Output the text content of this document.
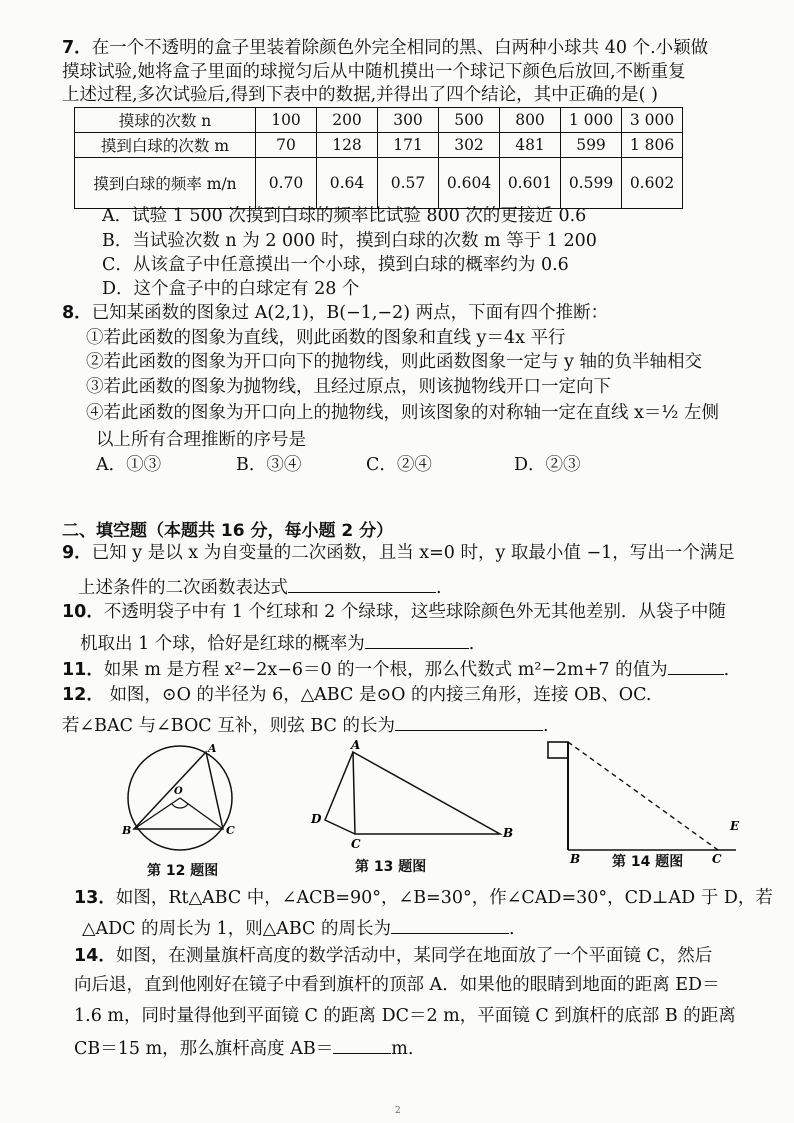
7．在一个不透明的盒子里装着除颜色外完全相同的黑、白两种小球共 40 个.小颖做
摸球试验,她将盒子里面的球搅匀后从中随机摸出一个球记下颜色后放回,不断重复
上述过程,多次试验后,得到下表中的数据,并得出了四个结论，其中正确的是( )
摸球的次数 n	100	200	300	500	800	1 000	3 000
摸到白球的次数 m	70	128	171	302	481	599	1 806
摸到白球的频率 m/n	0.70	0.64	0.57	0.604	0.601	0.599	0.602
A．试验 1 500 次摸到白球的频率比试验 800 次的更接近 0.6
B．当试验次数 n 为 2 000 时，摸到白球的次数 m 等于 1 200
C．从该盒子中任意摸出一个小球，摸到白球的概率约为 0.6
D．这个盒子中的白球定有 28 个
8．已知某函数的图象过 A(2,1)，B(−1,−2) 两点，下面有四个推断：
①若此函数的图象为直线，则此函数的图象和直线 y＝4x 平行
②若此函数的图象为开口向下的抛物线，则此函数图象一定与 y 轴的负半轴相交
③若此函数的图象为抛物线，且经过原点，则该抛物线开口一定向下
④若此函数的图象为开口向上的抛物线，则该图象的对称轴一定在直线 x＝½ 左侧
以上所有合理推断的序号是
A．①③	B．③④	C．②④	D．②③
二、填空题（本题共 16 分，每小题 2 分）
9．已知 y 是以 x 为自变量的二次函数，且当 x=0 时，y 取最小值 −1，写出一个满足
上述条件的二次函数表达式	.
10．不透明袋子中有 1 个红球和 2 个绿球，这些球除颜色外无其他差别．从袋子中随
机取出 1 个球，恰好是红球的概率为	.
11．如果 m 是方程 x²−2x−6＝0 的一个根，那么代数式 m²−2m+7 的值为	.
12． 如图，⊙O 的半径为 6，△ABC 是⊙O 的内接三角形，连接 OB、OC.
若∠BAC 与∠BOC 互补，则弦 BC 的长为	.
A
O
B	C
第 12 题图
A
D
C
B
第 13 题图	B	C
E
第 14 题图
13．如图，Rt△ABC 中，∠ACB=90°，∠B=30°，作∠CAD=30°，CD⊥AD 于 D，若
△ADC 的周长为 1，则△ABC 的周长为	.
14．如图，在测量旗杆高度的数学活动中，某同学在地面放了一个平面镜 C，然后
向后退，直到他刚好在镜子中看到旗杆的顶部 A．如果他的眼睛到地面的距离 ED＝
1.6 m，同时量得他到平面镜 C 的距离 DC＝2 m，平面镜 C 到旗杆的底部 B 的距离
CB＝15 m，那么旗杆高度 AB＝	m.
2
